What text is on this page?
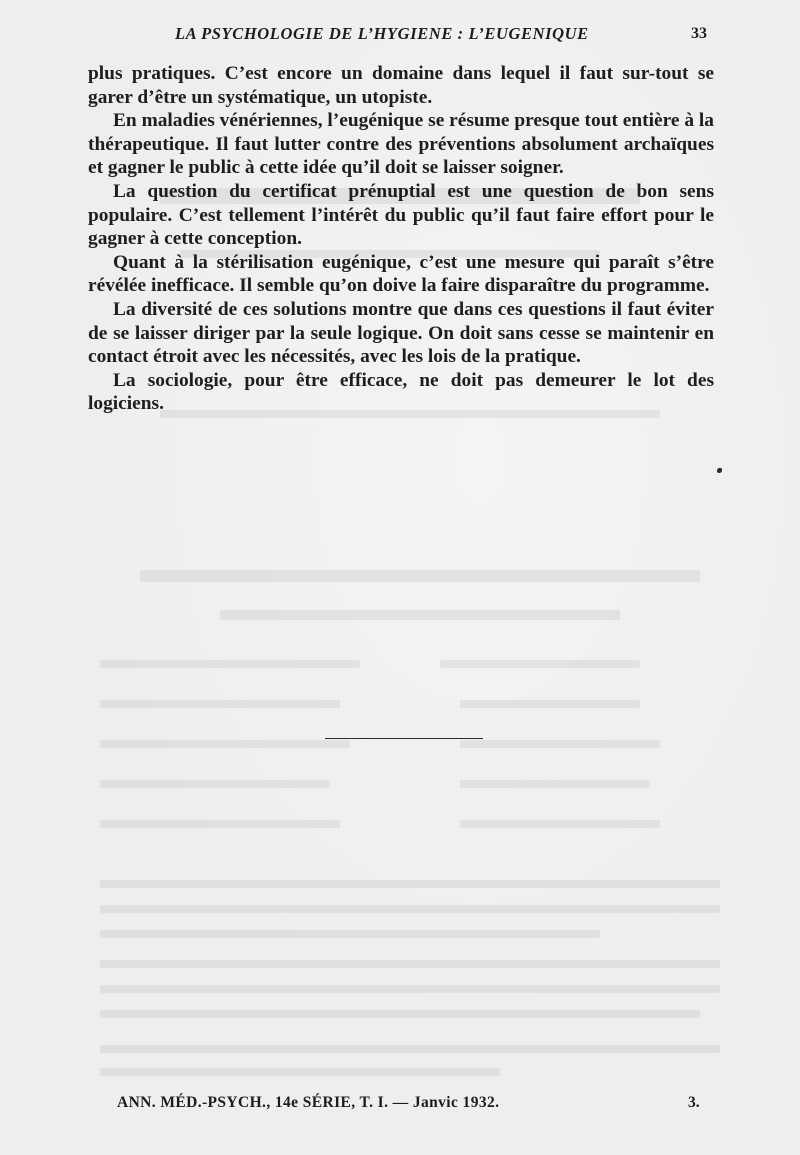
LA PSYCHOLOGIE DE L’HYGIENE : L’EUGENIQUE	33

plus pratiques. C’est encore un domaine dans lequel il faut sur-tout se garer d’être un systématique, un utopiste.

En maladies vénériennes, l’eugénique se résume presque tout entière à la thérapeutique. Il faut lutter contre des préventions absolument archaïques et gagner le public à cette idée qu’il doit se laisser soigner.

La question du certificat prénuptial est une question de bon sens populaire. C’est tellement l’intérêt du public qu’il faut faire effort pour le gagner à cette conception.

Quant à la stérilisation eugénique, c’est une mesure qui paraît s’être révélée inefficace. Il semble qu’on doive la faire disparaître du programme.

La diversité de ces solutions montre que dans ces questions il faut éviter de se laisser diriger par la seule logique. On doit sans cesse se maintenir en contact étroit avec les nécessités, avec les lois de la pratique.

La sociologie, pour être efficace, ne doit pas demeurer le lot des logiciens.

ANN. MÉD.-PSYCH., 14e SÉRIE, T. I. — Janvic 1932.	3.
